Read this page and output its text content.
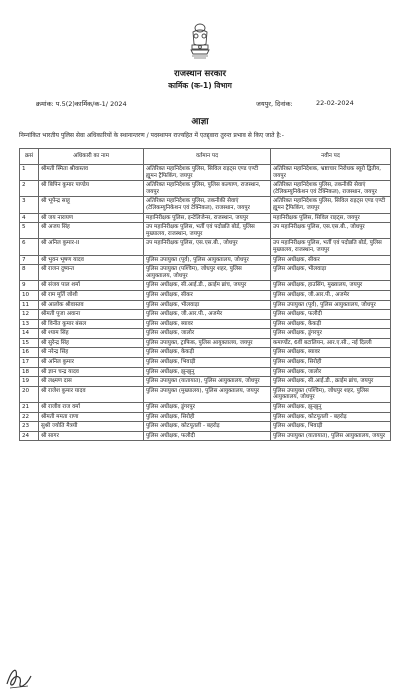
राजस्थान सरकार
कार्मिक (क-1) विभाग
क्रमांक: प.5(2)कार्मिक/क-1/ 2024	जयपुर, दिनांक:	22-02-2024
आज्ञा
निम्नांकित भारतीय पुलिस सेवा अधिकारियों के स्थानान्तरण / पदस्थापन राज्यहित में एतद्द्वारा तुरन्त प्रभाव से किए जाते है:-
क्रसं	अधिकारी का नाम	वर्तमान पद	नवीन पद
1	श्रीमती स्मिता श्रीवास्तव	अतिरिक्त महानिदेशक पुलिस, सिविल राइट्स एण्ड एण्टी ह्यूमन ट्रैफिकिंग, जयपुर	अतिरिक्त महानिदेशक, भ्रष्टाचार निरोधक ब्यूरो द्वितीय, जयपुर
2	श्री बिपिन कुमार पाण्डेय	अतिरिक्त महानिदेशक पुलिस, पुलिस कल्याण, राजस्थान, जयपुर	अतिरिक्त महानिदेशक पुलिस, तकनीकी सेवाएं (टेलिकम्युनिकेशन एवं टेक्निकल), राजस्थान, जयपुर
3	श्री भूपेन्द्र साहू	अतिरिक्त महानिदेशक पुलिस, तकनीकी सेवाएं (टेलिकम्युनिकेशन एवं टेक्निकल), राजस्थान, जयपुर	अतिरिक्त महानिदेशक पुलिस, सिविल राइट्स एण्ड एण्टी ह्यूमन ट्रैफिकिंग, जयपुर
4	श्री जय नारायण	महानिरीक्षक पुलिस, इन्टेलिजेन्स, राजस्थान, जयपुर	महानिरीक्षक पुलिस, सिविल राइट्स, जयपुर
5	श्री अजय सिंह	उप महानिरीक्षक पुलिस, भर्ती एवं पदोन्नति बोर्ड, पुलिस मुख्यालय, राजस्थान, जयपुर	उप महानिरीक्षक पुलिस, एस.एस.बी., जोधपुर
6	श्री अनिल कुमार-II	उप महानिरीक्षक पुलिस, एस.एस.बी., जोधपुर	उप महानिरीक्षक पुलिस, भर्ती एवं पदोन्नति बोर्ड, पुलिस मुख्यालय, राजस्थान, जयपुर
7	श्री भुवन भूषण यादव	पुलिस उपायुक्त (पूर्व), पुलिस आयुक्तालय, जोधपुर	पुलिस अधीक्षक, सीकर
8	श्री राजन दुष्यन्त	पुलिस उपायुक्त (पश्चिम), जोधपुर शहर, पुलिस आयुक्तालय, जोधपुर	पुलिस अधीक्षक, भीलवाड़ा
9	श्री संजय पाल शर्मा	पुलिस अधीक्षक, सी.आई.डी., क्राईम ब्रांच, जयपुर	पुलिस अधीक्षक, हाउसिंग, मुख्यालय, जयपुर
10	श्री राम मूर्ति जोशी	पुलिस अधीक्षक, सीकर	पुलिस अधीक्षक, जी.आर.पी., अजमेर
11	श्री आलोक श्रीवास्तव	पुलिस अधीक्षक, भीलवाड़ा	पुलिस उपायुक्त (पूर्व), पुलिस आयुक्तालय, जोधपुर
12	श्रीमती पूजा अवाना	पुलिस अधीक्षक, जी.आर.पी., अजमेर	पुलिस अधीक्षक, फलौदी
13	श्री विनीत कुमार बंसल	पुलिस अधीक्षक, ब्यावर	पुलिस अधीक्षक, केकड़ी
14	श्री श्याम सिंह	पुलिस अधीक्षक, जालोर	पुलिस अधीक्षक, डूंगरपुर
15	श्री सुरेन्द्र सिंह	पुलिस उपायुक्त, ट्राफिक, पुलिस आयुक्तालय, जयपुर	कमाण्डेंट, 6वीं बटालियन, आर.ए.सी., नई दिल्ली
16	श्री नरेन्द्र सिंह	पुलिस अधीक्षक, केकड़ी	पुलिस अधीक्षक, ब्यावर
17	श्री अनिल कुमार	पुलिस अधीक्षक, भिवाड़ी	पुलिस अधीक्षक, सिरोही
18	श्री ज्ञान चन्द्र यादव	पुलिस अधीक्षक, झुन्झुनू	पुलिस अधीक्षक, जालोर
19	श्री लक्ष्मण दास	पुलिस उपायुक्त (यातायात), पुलिस आयुक्तालय, जोधपुर	पुलिस अधीक्षक, सी.आई.डी., क्राईम ब्रांच, जयपुर
20	श्री राजेश कुमार यादव	पुलिस उपायुक्त (मुख्यालय), पुलिस आयुक्तालय, जयपुर	पुलिस उपायुक्त (पश्चिम), जोधपुर शहर, पुलिस आयुक्तालय, जोधपुर
21	श्री राजीव राज वर्मा	पुलिस अधीक्षक, डूंगरपुर	पुलिस अधीक्षक, झुन्झुनू
22	श्रीमती ममता राणा	पुलिस अधीक्षक, सिरोही	पुलिस अधीक्षक, कोटपूतली - बहरोड़
23	सुश्री ज्योति मैत्रयी	पुलिस अधीक्षक, कोटपूतली - बहरोड़	पुलिस अधीक्षक, भिवाड़ी
24	श्री सागर	पुलिस अधीक्षक, फलौदी	पुलिस उपायुक्त (यातायात), पुलिस आयुक्तालय, जयपुर
